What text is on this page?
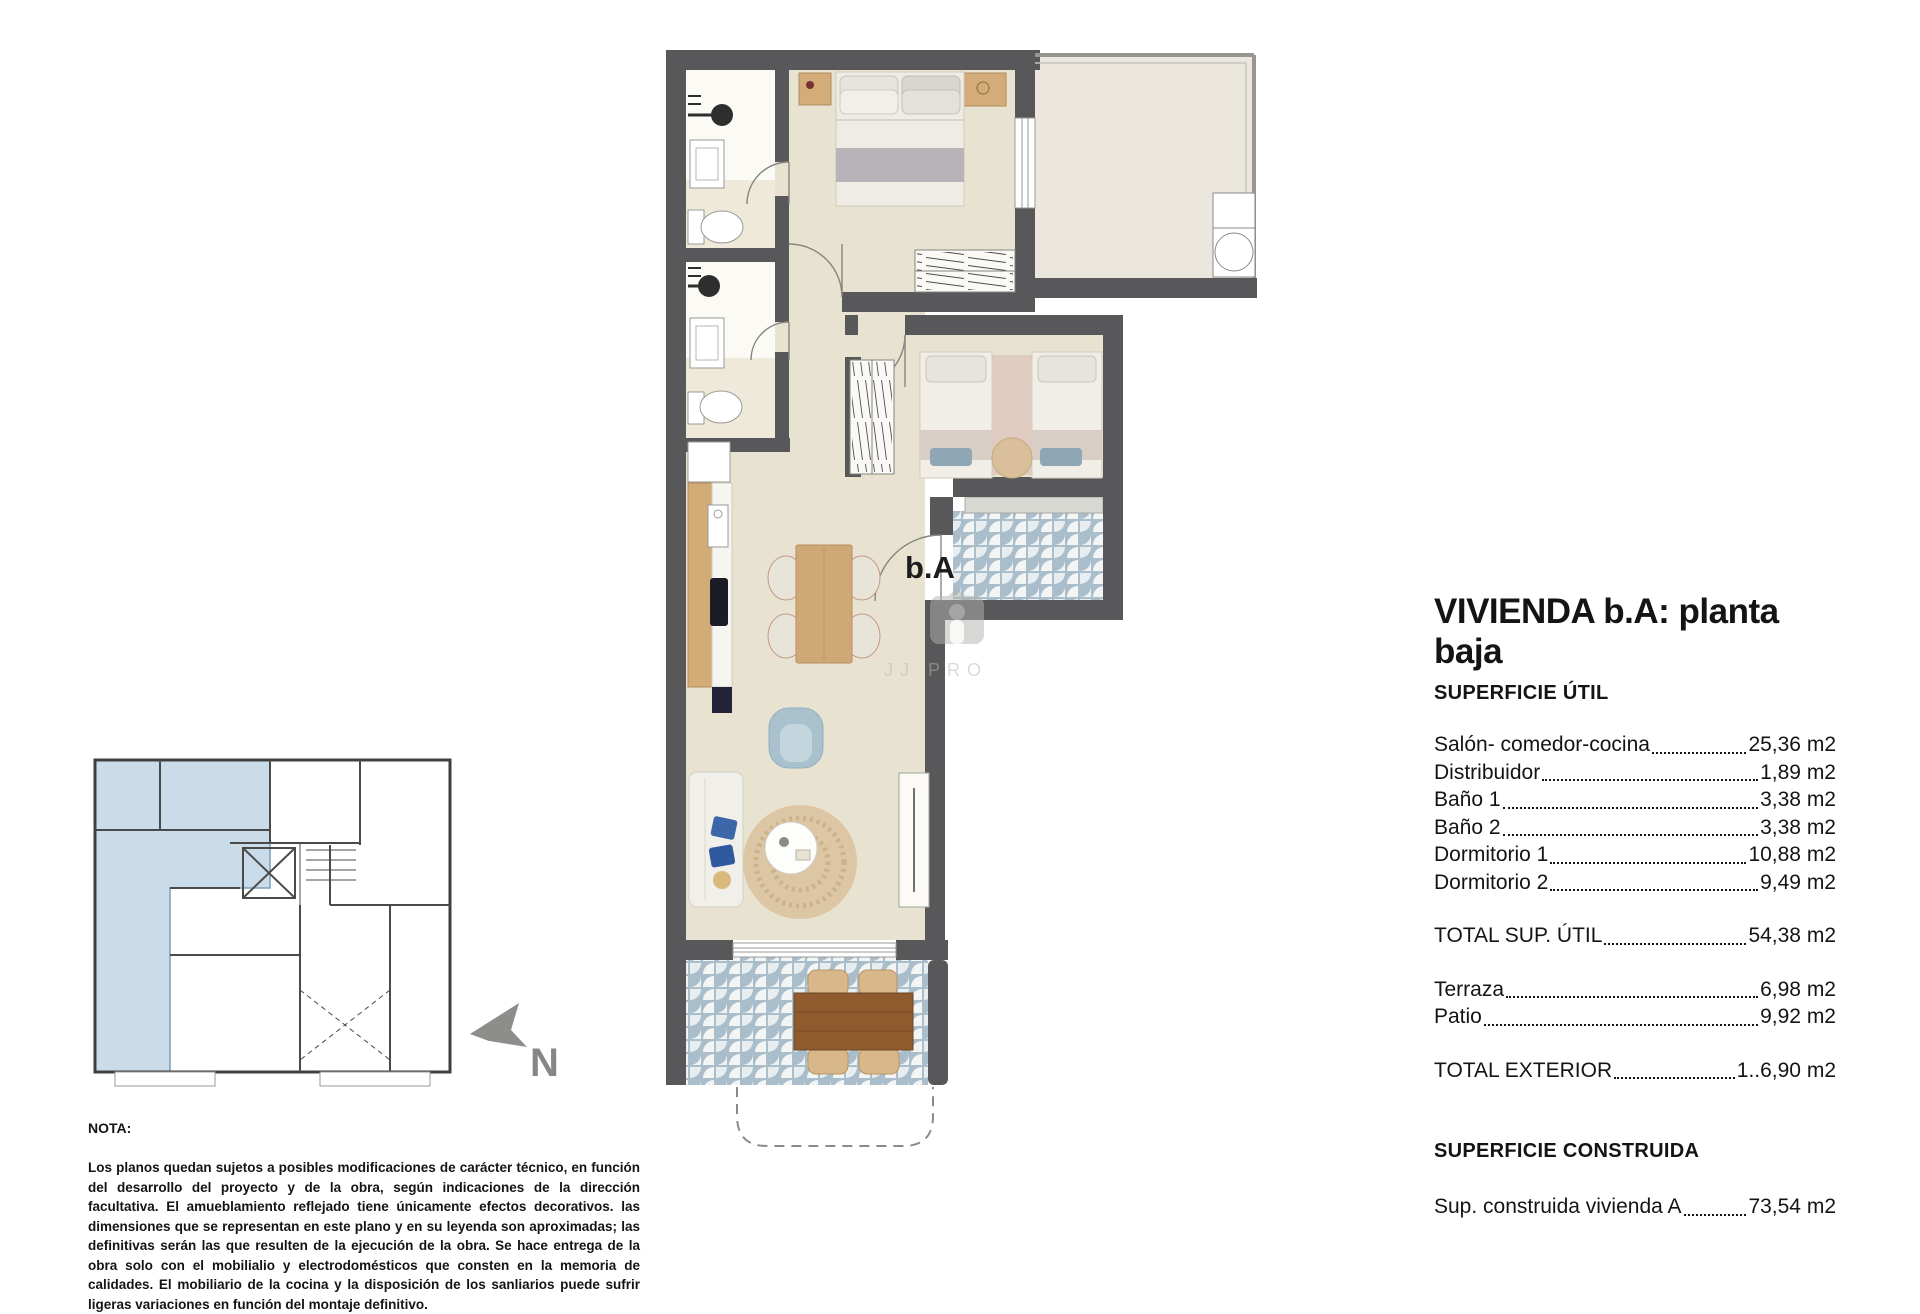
b.A
JJ PRO
N
VIVIENDA b.A: planta baja
SUPERFICIE ÚTIL
Salón- comedor-cocina	25,36 m2
Distribuidor	1,89 m2
Baño 1	3,38 m2
Baño 2	3,38 m2
Dormitorio 1	10,88 m2
Dormitorio 2	9,49 m2
TOTAL SUP. ÚTIL	54,38 m2
Terraza	6,98 m2
Patio	9,92 m2
TOTAL EXTERIOR	1..6,90 m2
SUPERFICIE CONSTRUIDA
Sup. construida vivienda A	73,54 m2

NOTA:

Los planos quedan sujetos a posibles modificaciones de carácter técnico, en función del desarrollo del proyecto y de la obra, según indicaciones de la dirección facultativa. El amueblamiento reflejado tiene únicamente efectos decorativos. las dimensiones que se representan en este plano y en su leyenda son aproximadas; las definitivas serán las que resulten de la ejecución de la obra. Se hace entrega de la obra solo con el mobilialio y electrodomésticos que consten en la memoria de calidades. El mobiliario de la cocina y la disposición de los sanliarios puede sufrir ligeras variaciones en función del montaje definitivo.
